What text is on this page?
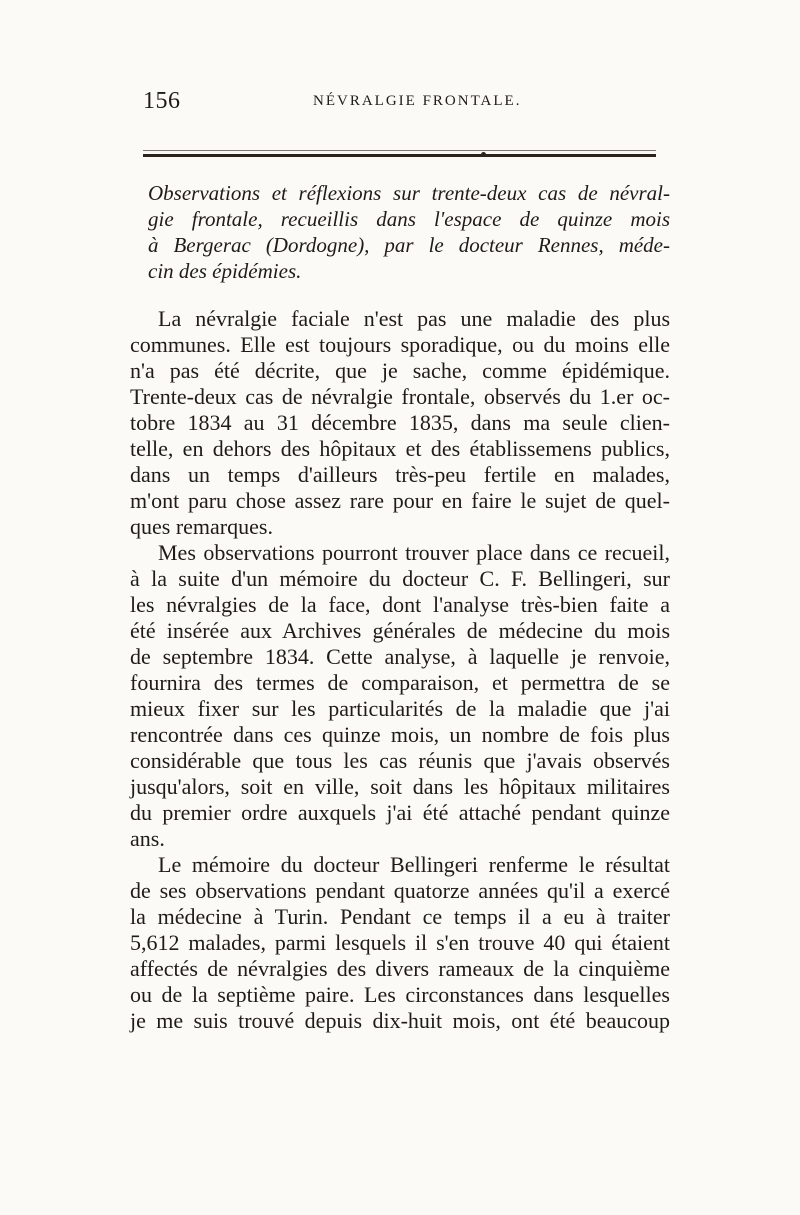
156	NÉVRALGIE FRONTALE.
Observations et réflexions sur trente-deux cas de névral-
gie frontale, recueillis dans l'espace de quinze mois
à Bergerac (Dordogne), par le docteur Rennes, méde-
cin des épidémies.
La névralgie faciale n'est pas une maladie des plus
communes. Elle est toujours sporadique, ou du moins elle
n'a pas été décrite, que je sache, comme épidémique.
Trente-deux cas de névralgie frontale, observés du 1.er oc-
tobre 1834 au 31 décembre 1835, dans ma seule clien-
telle, en dehors des hôpitaux et des établissemens publics,
dans un temps d'ailleurs très-peu fertile en malades,
m'ont paru chose assez rare pour en faire le sujet de quel-
ques remarques.
Mes observations pourront trouver place dans ce recueil,
à la suite d'un mémoire du docteur C. F. Bellingeri, sur
les névralgies de la face, dont l'analyse très-bien faite a
été insérée aux Archives générales de médecine du mois
de septembre 1834. Cette analyse, à laquelle je renvoie,
fournira des termes de comparaison, et permettra de se
mieux fixer sur les particularités de la maladie que j'ai
rencontrée dans ces quinze mois, un nombre de fois plus
considérable que tous les cas réunis que j'avais observés
jusqu'alors, soit en ville, soit dans les hôpitaux militaires
du premier ordre auxquels j'ai été attaché pendant quinze
ans.
Le mémoire du docteur Bellingeri renferme le résultat
de ses observations pendant quatorze années qu'il a exercé
la médecine à Turin. Pendant ce temps il a eu à traiter
5,612 malades, parmi lesquels il s'en trouve 40 qui étaient
affectés de névralgies des divers rameaux de la cinquième
ou de la septième paire. Les circonstances dans lesquelles
je me suis trouvé depuis dix-huit mois, ont été beaucoup
